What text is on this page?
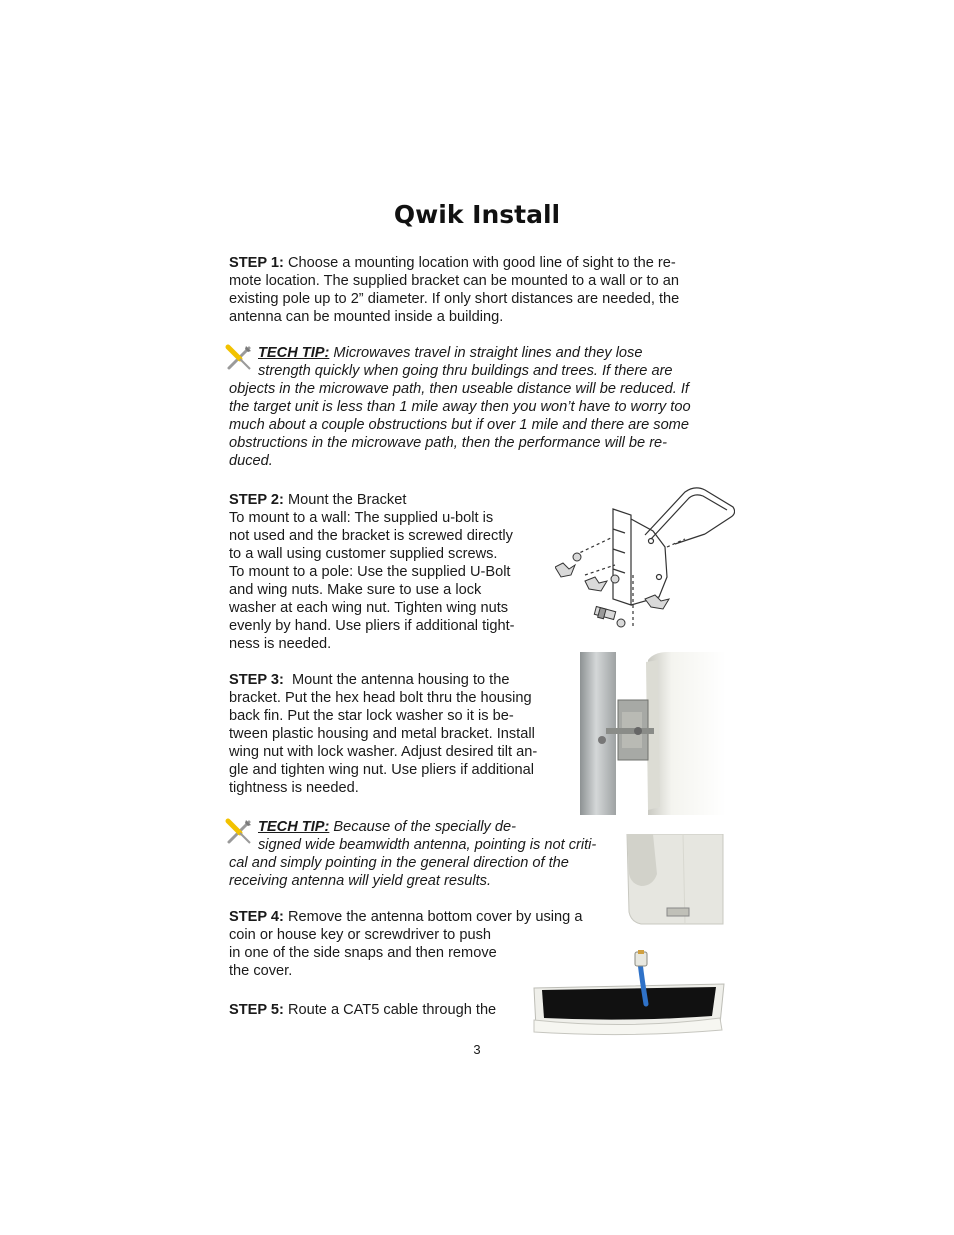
Qwik Install

STEP 1: Choose a mounting location with good line of sight to the re-
mote location. The supplied bracket can be mounted to a wall or to an
existing pole up to 2” diameter. If only short distances are needed, the
antenna can be mounted inside a building.

TECH TIP: Microwaves travel in straight lines and they lose
strength quickly when going thru buildings and trees. If there are
objects in the microwave path, then useable distance will be reduced. If
the target unit is less than 1 mile away then you won’t have to worry too
much about a couple obstructions but if over 1 mile and there are some
obstructions in the microwave path, then the performance will be re-
duced.

STEP 2: Mount the Bracket
To mount to a wall: The supplied u-bolt is
not used and the bracket is screwed directly
to a wall using customer supplied screws.
To mount to a pole: Use the supplied U-Bolt
and wing nuts. Make sure to use a lock
washer at each wing nut. Tighten wing nuts
evenly by hand. Use pliers if additional tight-
ness is needed.

STEP 3: Mount the antenna housing to the
bracket. Put the hex head bolt thru the housing
back fin. Put the star lock washer so it is be-
tween plastic housing and metal bracket. Install
wing nut with lock washer. Adjust desired tilt an-
gle and tighten wing nut. Use pliers if additional
tightness is needed.

TECH TIP: Because of the specially de-
signed wide beamwidth antenna, pointing is not criti-
cal and simply pointing in the general direction of the
receiving antenna will yield great results.

STEP 4: Remove the antenna bottom cover by using a
coin or house key or screwdriver to push
in one of the side snaps and then remove
the cover.

STEP 5: Route a CAT5 cable through the

3
